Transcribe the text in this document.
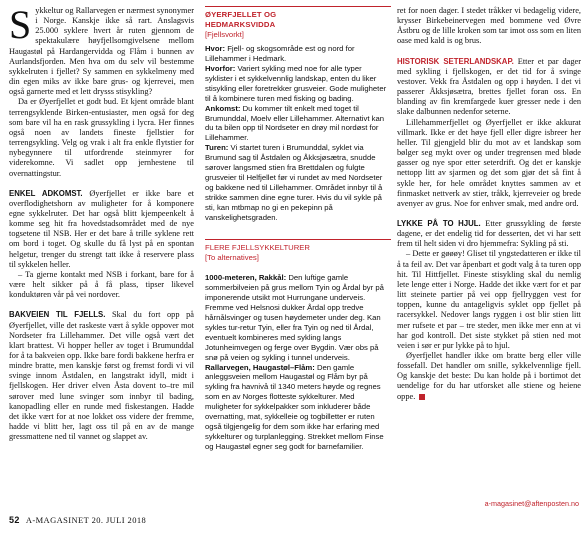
Sykkeltur og Rallarvegen er nærmest synonymer i Norge. Kanskje ikke så rart. Anslagsvis 25.000 syklere hvert år ruten gjennom de spektakulære høyfjellsomgivelsene mellom Haugastøl på Hardangervidda og Flåm i bunnen av Aurlandsfjorden. Men hva om du selv vil bestemme sykkelruten i fjellet? Sy sammen en sykkelmeny med din egen miks av ikke bare grus- og kjerrevei, men også garnerte med et lett drysss stisykling?

Da er Øyerfjellet et godt bud. Et kjent område blant terrengsyklende Birken-entusiaster, men også for deg som bare vil ha en rask grussykling i lycra. Her finnes også noen av landets fineste fjellstier for terrengsykling. Velg og vrak i alt fra enkle flytstier for nybegynnere til utfordrende steinmyrer for viderekomne. Vi sadlet opp jernhestene til overnattingstur.

ENKEL ADKOMST. Øyerfjellet er ikke bare et overflodighetshorn av muligheter for å komponere egne sykkelruter. Det har også blitt kjempeenkelt å komme seg hit fra hovedstadsområdet med de nye togsetene til NSB. Her er det bare å trille syklene rett om bord i toget. Og skulle du få lyst på en spontan helgetur, trenger du strengt tatt ikke å reservere plass til sykkelen heller.

– Ta gjerne kontakt med NSB i forkant, bare for å være helt sikker på å få plass, tipser likevel konduktøren vår på vei nordover.

BAKVEIEN TIL FJELLS. Skal du fort opp på Øyerfjellet, ville det raskeste vært å sykle oppover mot Nordseter fra Lillehammer. Det ville også vært det klart brattest. Vi hopper heller av toget i Brumunddal for å ta bakveien opp. Ikke bare fordi bakkene herfra er mindre bratte, men kanskje først og fremst fordi vi vil svinge innom Åstdalen, en langstrakt idyll, midt i fjellskogen. Her driver elven Åsta dovent to–tre mil sørover med lune svinger som innbyr til bading, kanopadling eller en runde med fiskestangen. Hadde det ikke vært for at noe lokket oss videre der fremme, hadde vi blitt her, lagt oss til på en av de mange gressmattene ned til vannet og slappet av.

ØYERFJELLET OG
HEDMARKSVIDDA
[Fjellsvorkt]

Hvor: Fjell- og skogsområde est og nord for Lillehammer i Hedmark.

Hvorfor: Variert sykling med noe for alle typer syklister i et sykkelvennlig landskap, enten du liker stisykling eller foretrekker grusveier. Gode muligheter til å kombinere turen med fisking og bading.

Ankomst: Du kommer tilt enkelt med toget til Brumunddal, Moelv eller Lillehammer. Alternativt kan du ta bilen opp til Nordseter en drøy mil nordøst for Lillehammer.

Turen: Vi startet turen i Brumunddal, syklet via Brumund sag til Åstdalen og Åkksjøsætra, snudde sørover langsmed stien fra Brettdalen og fulgte grusveier til Helfjellet før vi rundet av med Nordseter og bakkene ned til Lillehammer. Området innbyr til å strikke sammen dine egne turer. Hvis du vil sykle på sti, kan mtbmap no gi en pekepinn på vanskelighetsgraden.

FLERE FJELLSYKKELTURER
[To alternatives]

1000-meteren, Rakkål: Den luftige gamle sommerbilveien på grus mellom Tyin og Årdal byr på imponerende utsikt mot Hurrungane underveis. Fremme ved Helsnosi dukker Årdal opp tredve hårnålsvinger og tusen høydemeter under deg. Kan sykles tur-retur Tyin, eller fra Tyin og ned til Årdal, eventuelt kombineres med sykling langs Jotunheimvegen og ferge over Bygdin. Vær obs på snø på veien og sykling i tunnel underveis.

Rallarvegen, Haugastøl–Flåm: Den gamle anleggsveien mellom Haugastøl og Flåm byr på sykling fra havnivå til 1340 meters høyde og regnes som en av Norges flotteste sykkelturer. Med muligheter for sykkelpakker som inkluderer både overnatting, mat, sykkelleie og togbilletter er ruten også tilgjengelig for dem som ikke har erfaring med sykkelturer og turplanlegging. Strekket mellom Finse og Haugastøl egner seg godt for barnefamilier.

ret for noen dager. I stedet tråkker vi bedagelig videre, krysser Birkebeinervegen med bommene ved Øvre Åstbru og de lille kroken som tar imot oss som en liten oase med kald is og brus.

HISTORISK SETERLANDSKAP. Etter et par dager med sykling i fjellskogen, er det tid for å svinge vestover. Vekk fra Åstdalen og opp i høyden. I det vi passerer Åkksjøsætra, brettes fjellet foran oss. En blanding av fin kremfargede kuer gresser nede i den slake dalbunnen nedenfor seterne.

Lillehammerfjellet og Øyerfjellet er ikke akkurat villmark. Ikke er det høye fjell eller digre isbreer her heller. Til gjengjeld blir du mot av et landskap som bølger seg mykt over og under tregrensen med bløde gasser og nye spor etter seterdrift. Og det er kanskje nettopp litt av sjarmen og det som gjør det så fint å sykle her, for hele området knyttes sammen av et finmasket nettverk av stier, tråkk, kjerreveier og brede avenyer av grus. Noe for enhver smak, med andre ord.

LYKKE PÅ TO HJUL. Etter grussykling de første dagene, er det endelig tid for desserten, det vi har sett frem til helt siden vi dro hjemmefra: Sykling på sti.

– Dette er gøøøy! Gliset til yngstedatteren er ikke til å ta feil av. Det var åpenbart et godt valg å ta turen opp hit. Til Hittfjellet. Fineste stisykling skal du nemlig lete lenge etter i Norge. Hadde det ikke vært for et par litt steinete partier på vei opp fjellryggen vest for toppen, kunne du antageligvis syklet opp fjellet på racersykkel. Nedover langs ryggen i ost blir stien litt mer rufsete et par – tre steder, men ikke mer enn at vi har god kontroll. Det siste stykket på stien ned mot veien i sør er pur lykke på to hjul.

Øyerfjellet handler ikke om bratte berg eller ville fossefall. Det handler om snille, sykkelvennlige fjell. Og kanskje det beste: Du kan holde på i bortimot det uendelige for du har utforsket alle stiene og heiene oppe.

a-magasinet@aftenposten.no
52 A-MAGASINET 20. JULI 2018
